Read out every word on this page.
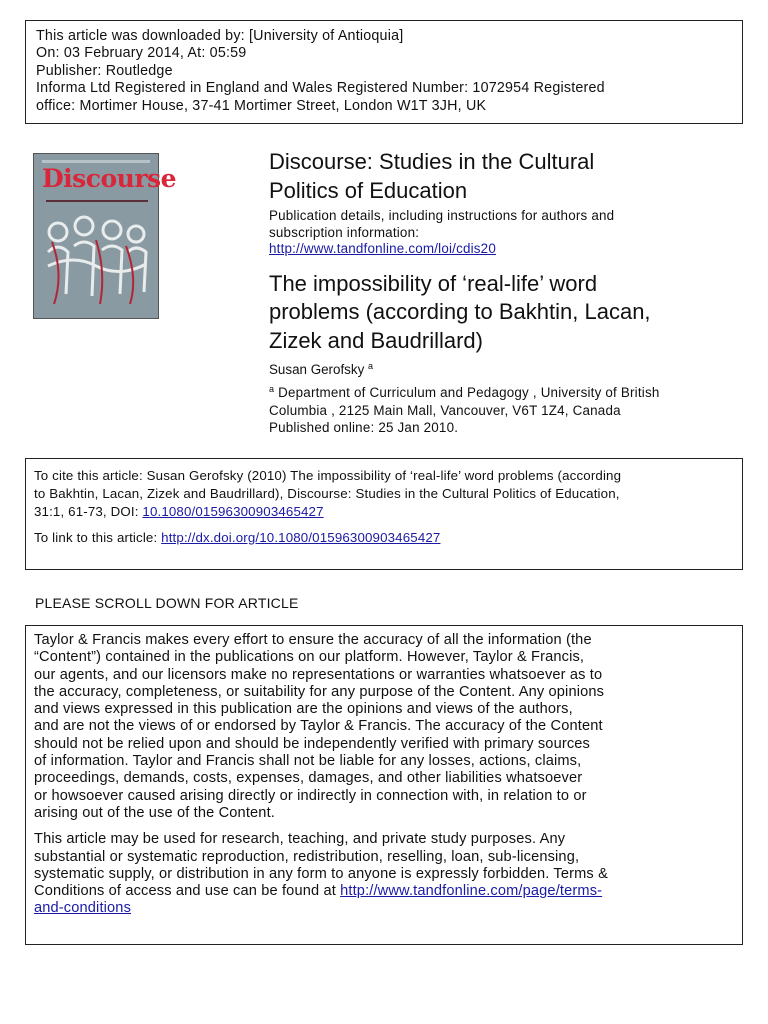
This article was downloaded by: [University of Antioquia]
On: 03 February 2014, At: 05:59
Publisher: Routledge
Informa Ltd Registered in England and Wales Registered Number: 1072954 Registered
office: Mortimer House, 37-41 Mortimer Street, London W1T 3JH, UK
Discourse
Discourse: Studies in the Cultural
Politics of Education
Publication details, including instructions for authors and
subscription information:
http://www.tandfonline.com/loi/cdis20
The impossibility of ‘real-life’ word
problems (according to Bakhtin, Lacan,
Zizek and Baudrillard)
Susan Gerofsky $^a$
$^a$ Department of Curriculum and Pedagogy , University of British
Columbia , 2125 Main Mall, Vancouver, V6T 1Z4, Canada
Published online: 25 Jan 2010.
To cite this article: Susan Gerofsky (2010) The impossibility of ‘real-life’ word problems (according
to Bakhtin, Lacan, Zizek and Baudrillard), Discourse: Studies in the Cultural Politics of Education,
31:1, 61-73, DOI: 10.1080/01596300903465427
To link to this article: http://dx.doi.org/10.1080/01596300903465427
PLEASE SCROLL DOWN FOR ARTICLE
Taylor & Francis makes every effort to ensure the accuracy of all the information (the
“Content”) contained in the publications on our platform. However, Taylor & Francis,
our agents, and our licensors make no representations or warranties whatsoever as to
the accuracy, completeness, or suitability for any purpose of the Content. Any opinions
and views expressed in this publication are the opinions and views of the authors,
and are not the views of or endorsed by Taylor & Francis. The accuracy of the Content
should not be relied upon and should be independently verified with primary sources
of information. Taylor and Francis shall not be liable for any losses, actions, claims,
proceedings, demands, costs, expenses, damages, and other liabilities whatsoever
or howsoever caused arising directly or indirectly in connection with, in relation to or
arising out of the use of the Content.
This article may be used for research, teaching, and private study purposes. Any
substantial or systematic reproduction, redistribution, reselling, loan, sub-licensing,
systematic supply, or distribution in any form to anyone is expressly forbidden. Terms &
Conditions of access and use can be found at http://www.tandfonline.com/page/terms-
and-conditions
